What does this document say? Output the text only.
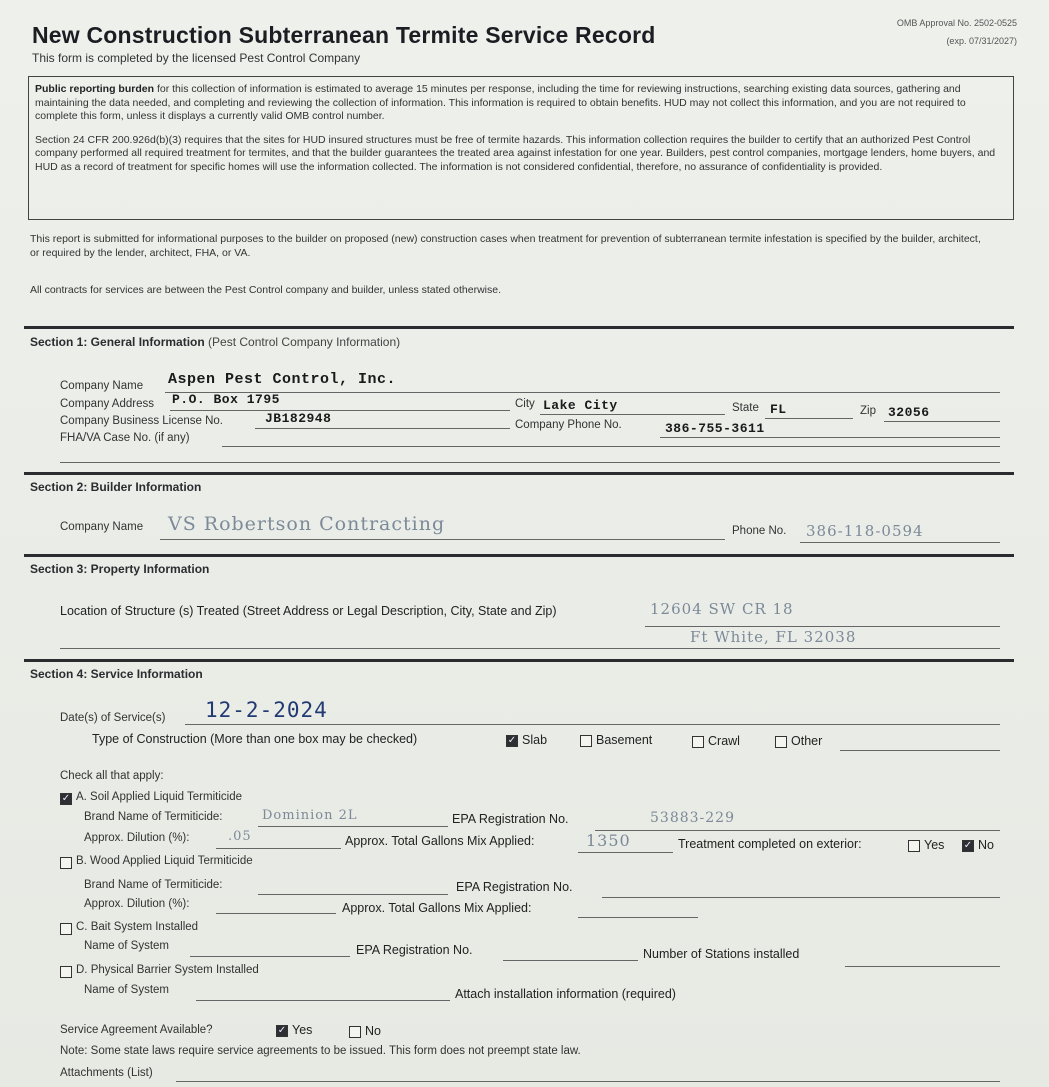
New Construction Subterranean Termite Service Record
This form is completed by the licensed Pest Control Company
OMB Approval No. 2502-0525
(exp. 07/31/2027)

Public reporting burden for this collection of information is estimated to average 15 minutes per response, including the time for reviewing instructions, searching existing data sources, gathering and maintaining the data needed, and completing and reviewing the collection of information. This information is required to obtain benefits. HUD may not collect this information, and you are not required to complete this form, unless it displays a currently valid OMB control number.

Section 24 CFR 200.926d(b)(3) requires that the sites for HUD insured structures must be free of termite hazards. This information collection requires the builder to certify that an authorized Pest Control company performed all required treatment for termites, and that the builder guarantees the treated area against infestation for one year. Builders, pest control companies, mortgage lenders, home buyers, and HUD as a record of treatment for specific homes will use the information collected. The information is not considered confidential, therefore, no assurance of confidentiality is provided.

This report is submitted for informational purposes to the builder on proposed (new) construction cases when treatment for prevention of subterranean termite infestation is specified by the builder, architect, or required by the lender, architect, FHA, or VA.
All contracts for services are between the Pest Control company and builder, unless stated otherwise.
Section 1: General Information (Pest Control Company Information)
Company Name Aspen Pest Control, Inc.
Company Address P.O. Box 1795	City Lake City	State FL	Zip 32056
Company Business License No.	JB182948	Company Phone No.	386-755-3611
FHA/VA Case No. (if any)
Section 2: Builder Information
Company Name VS Robertson Contracting	Phone No. 386-118-0594
Section 3: Property Information
Location of Structure (s) Treated (Street Address or Legal Description, City, State and Zip)	12604 SW CR 18
Ft White, FL 32038
Section 4: Service Information
Date(s) of Service(s) 12-2-2024
Type of Construction (More than one box may be checked)	✓ Slab	Basement	Crawl	Other
Check all that apply:
✓ A. Soil Applied Liquid Termiticide
Brand Name of Termiticide:	Dominion 2L	EPA Registration No.	53883-229
Approx. Dilution (%):	.05	Approx. Total Gallons Mix Applied:	1350	Treatment completed on exterior:	Yes ✓ No
B. Wood Applied Liquid Termiticide
Brand Name of Termiticide:	EPA Registration No.
Approx. Dilution (%):	Approx. Total Gallons Mix Applied:
C. Bait System Installed
Name of System	EPA Registration No.	Number of Stations installed
D. Physical Barrier System Installed
Name of System	Attach installation information (required)
Service Agreement Available?	✓ Yes	No
Note: Some state laws require service agreements to be issued. This form does not preempt state law.
Attachments (List)
